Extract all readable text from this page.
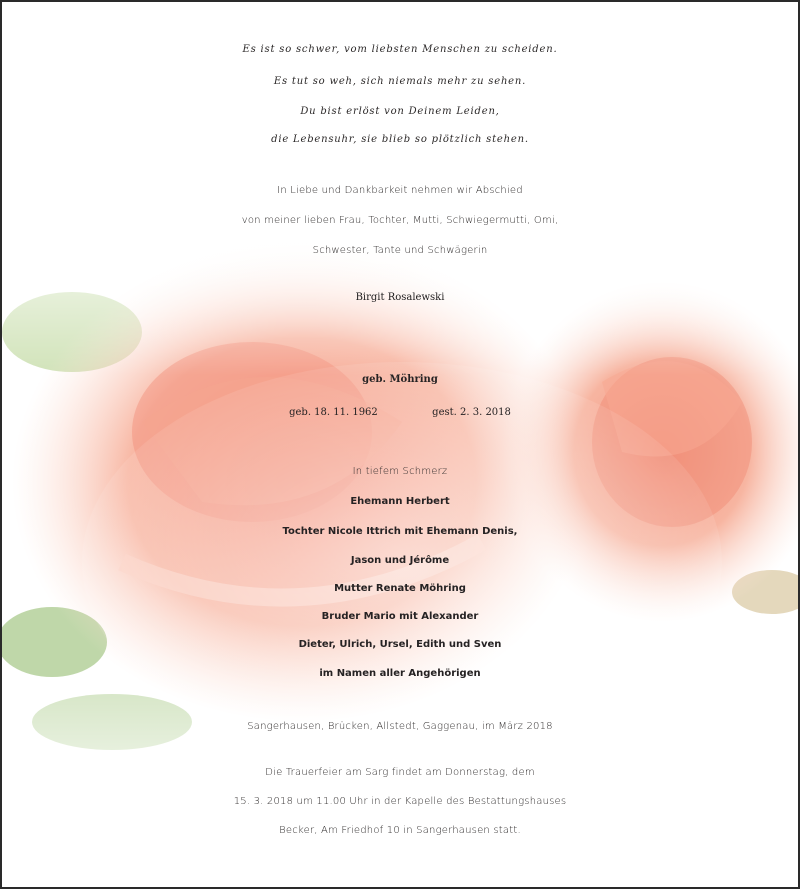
Es ist so schwer, vom liebsten Menschen zu scheiden.
Es tut so weh, sich niemals mehr zu sehen.
Du bist erlöst von Deinem Leiden,
die Lebensuhr, sie blieb so plötzlich stehen.
In Liebe und Dankbarkeit nehmen wir Abschied
von meiner lieben Frau, Tochter, Mutti, Schwiegermutti, Omi,
Schwester, Tante und Schwägerin
Birgit Rosalewski
geb. Möhring
geb. 18. 11. 1962	gest. 2. 3. 2018
In tiefem Schmerz
Ehemann Herbert
Tochter Nicole Ittrich mit Ehemann Denis,
Jason und Jérôme
Mutter Renate Möhring
Bruder Mario mit Alexander
Dieter, Ulrich, Ursel, Edith und Sven
im Namen aller Angehörigen
Sangerhausen, Brücken, Allstedt, Gaggenau, im März 2018
Die Trauerfeier am Sarg findet am Donnerstag, dem
15. 3. 2018 um 11.00 Uhr in der Kapelle des Bestattungshauses
Becker, Am Friedhof 10 in Sangerhausen statt.
